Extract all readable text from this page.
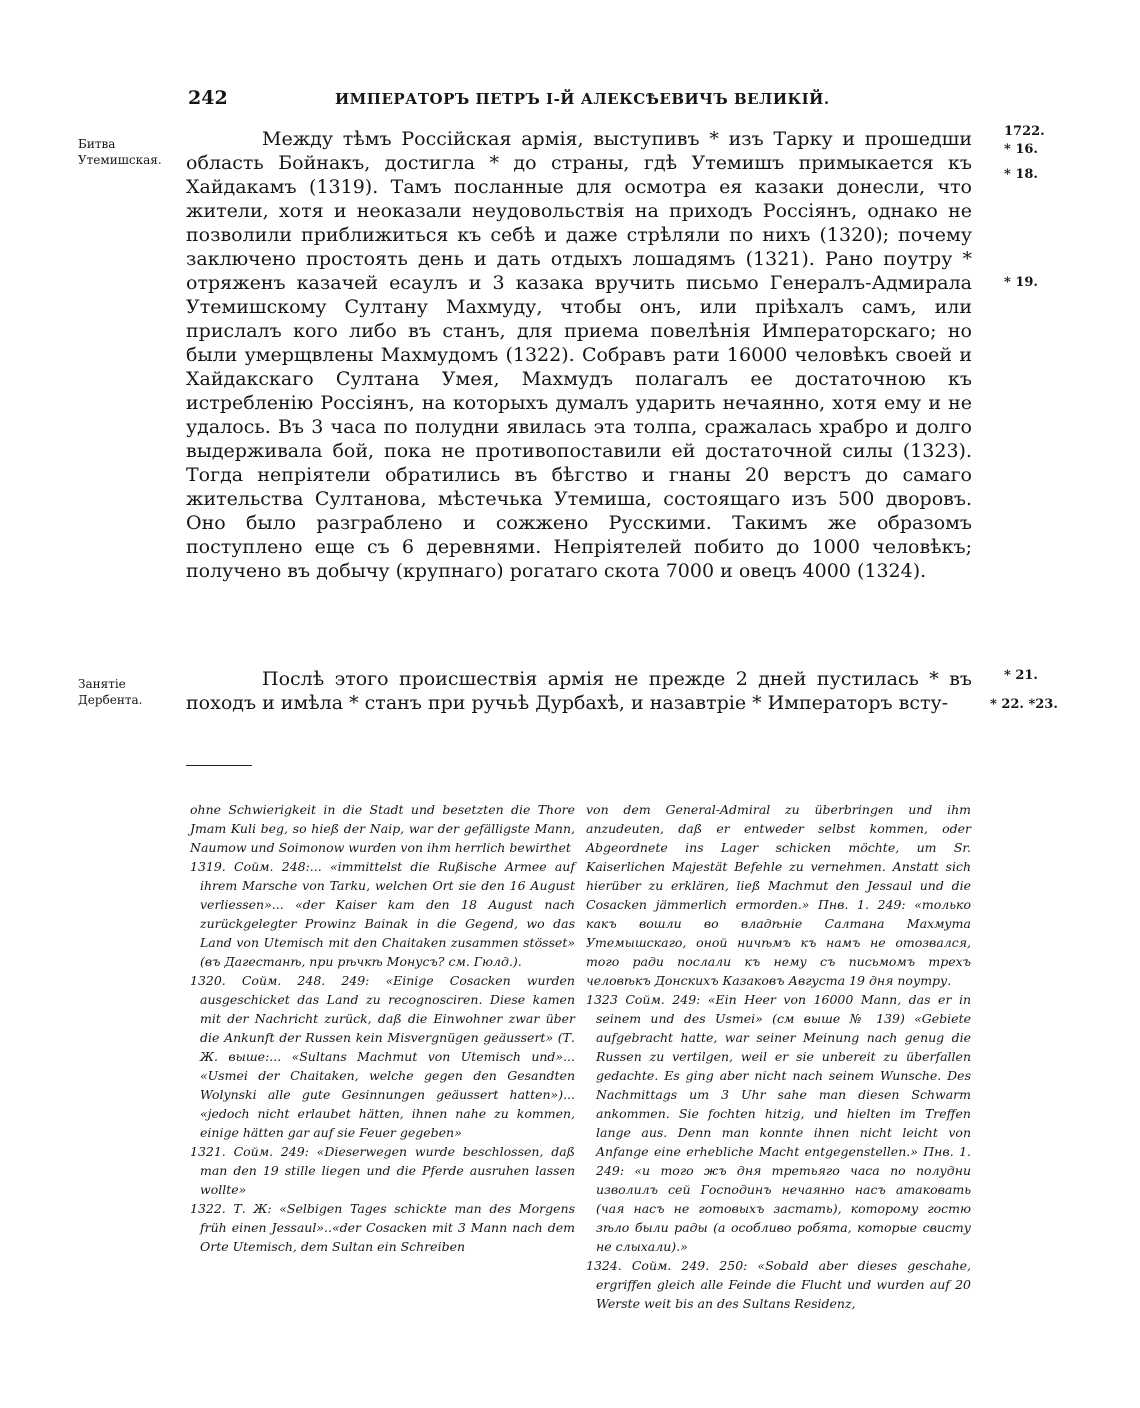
242	ИМПЕРАТОРЪ ПЕТРЪ I-Й АЛЕКСѢЕВИЧЪ ВЕЛИКІЙ.
Битва Утемишская.
Занятіе Дербента.
1722.
* 16.
* 18.
* 19.
* 21.
* 22. *23.

Между тѣмъ Россійская армія, выступивъ * изъ Тарку и прошедши область Бойнакъ, достигла * до страны, гдѣ Утемишъ примыкается къ Хайдакамъ (1319). Тамъ посланные для осмотра ея казаки донесли, что жители, хотя и неоказали неудовольствія на приходъ Россіянъ, однако не позволили приближиться къ себѣ и даже стрѣляли по нихъ (1320); почему заключено простоять день и дать отдыхъ лошадямъ (1321). Рано поутру * отряженъ казачей есаулъ и 3 казака вручить письмо Генералъ-Адмирала Утемишскому Султану Махмуду, чтобы онъ, или пріѣхалъ самъ, или прислалъ кого либо въ станъ, для приема повелѣнія Императорскаго; но были умерщвлены Махмудомъ (1322). Собравъ рати 16000 человѣкъ своей и Хайдакскаго Султана Умея, Махмудъ полагалъ ее достаточною къ истребленію Россіянъ, на которыхъ думалъ ударить нечаянно, хотя ему и не удалось. Въ 3 часа по полудни явилась эта толпа, сражалась храбро и долго выдерживала бой, пока не противопоставили ей достаточной силы (1323). Тогда непріятели обратились въ бѣгство и гнаны 20 верстъ до самаго жительства Султанова, мѣстечька Утемиша, состоящаго изъ 500 дворовъ. Оно было разграблено и сожжено Русскими. Такимъ же образомъ поступлено еще съ 6 деревнями. Непріятелей побито до 1000 человѣкъ; получено въ добычу (крупнаго) рогатаго скота 7000 и овецъ 4000 (1324).

Послѣ этого происшествія армія не прежде 2 дней пустилась * въ походъ и имѣла * станъ при ручьѣ Дурбахѣ, и назавтріе * Императоръ всту-

ohne Schwierigkeit in die Stadt und besetzten die Thore Jmam Kuli beg, so hieß der Naip, war der gefälligste Mann, Naumow und Soimonow wurden von ihm herrlich bewirthet

1319. Сойм. 248:... «immittelst die Rußische Armee auf ihrem Marsche von Tarku, welchen Ort sie den 16 August verliessen»... «der Kaiser kam den 18 August nach zurückgelegter Prowinz Bainak in die Gegend, wo das Land von Utemisch mit den Chaitaken zusammen stösset» (въ Дагестанѣ, при рѣчкѣ Монусъ? см. Гюлд.).

1320. Сойм. 248. 249: «Einige Cosacken wurden ausgeschicket das Land zu recognosciren. Diese kamen mit der Nachricht zurück, daß die Einwohner zwar über die Ankunft der Russen kein Misvergnügen geäussert» (Т. Ж. выше:... «Sultans Machmut von Utemisch und»... «Usmei der Chaitaken, welche gegen den Gesandten Wolynski alle gute Gesinnungen geäussert hatten»)... «jedoch nicht erlaubet hätten, ihnen nahe zu kommen, einige hätten gar auf sie Feuer gegeben»

1321. Сойм. 249: «Dieserwegen wurde beschlossen, daß man den 19 stille liegen und die Pferde ausruhen lassen wollte»

1322. Т. Ж: «Selbigen Tages schickte man des Morgens früh einen Jessaul»..«der Cosacken mit 3 Mann nach dem Orte Utemisch, dem Sultan ein Schreiben

von dem General-Admiral zu überbringen und ihm anzudeuten, daß er entweder selbst kommen, oder Abgeordnete ins Lager schicken möchte, um Sr. Kaiserlichen Majestät Befehle zu vernehmen. Anstatt sich hierüber zu erklären, ließ Machmut den Jessaul und die Cosacken jämmerlich ermorden.» Пнв. 1. 249: «только какъ вошли во владѣніе Салтана Махмута Утемышскаго, оной ничѣмъ къ намъ не отозвался, того ради послали къ нему съ письмомъ трехъ человѣкъ Донскихъ Казаковъ Августа 19 дня поутру.

1323 Сойм. 249: «Ein Heer von 16000 Mann, das er in seinem und des Usmei» (см выше № 139) «Gebiete aufgebracht hatte, war seiner Meinung nach genug die Russen zu vertilgen, weil er sie unbereit zu überfallen gedachte. Es ging aber nicht nach seinem Wunsche. Des Nachmittags um 3 Uhr sahe man diesen Schwarm ankommen. Sie fochten hitzig, und hielten im Treffen lange aus. Denn man konnte ihnen nicht leicht von Anfange eine erhebliche Macht entgegenstellen.» Пнв. 1. 249: «и того жъ дня третьяго часа по полудни изволилъ сей Господинъ нечаянно насъ атаковать (чая насъ не готовыхъ застать), которому гостю зѣло были рады (а особливо робята, которые свисту не слыхали).»

1324. Сойм. 249. 250: «Sobald aber dieses geschahe, ergriffen gleich alle Feinde die Flucht und wurden auf 20 Werste weit bis an des Sultans Residenz,
